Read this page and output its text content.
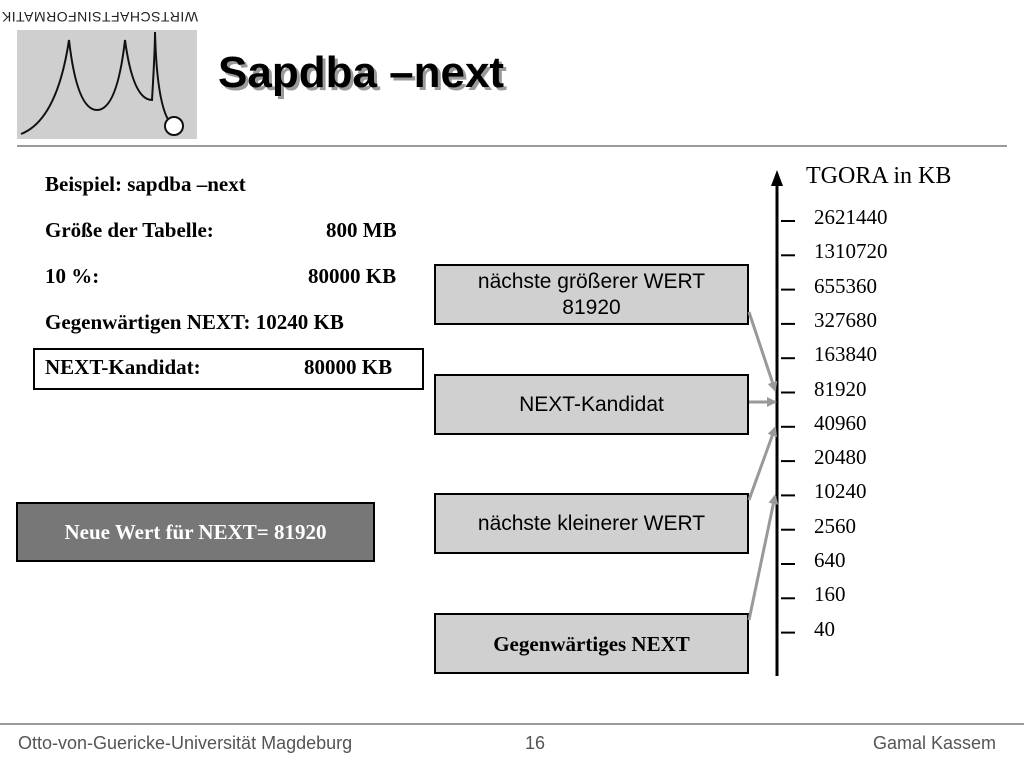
WIRTSCHAFTSINFORMATIK
Sapdba –next
Beispiel: sapdba –next
Größe der Tabelle:	800 MB
10 %:	80000 KB
Gegenwärtigen NEXT: 10240 KB
NEXT-Kandidat:	80000 KB
Neue Wert für NEXT= 81920
nächste größerer WERT
81920
NEXT-Kandidat
nächste kleinerer WERT
Gegenwärtiges NEXT
TGORA in KB
2621440
1310720
655360
327680
163840
81920
40960
20480
10240
2560
640
160
40
Otto-von-Guericke-Universität Magdeburg	16	Gamal Kassem
